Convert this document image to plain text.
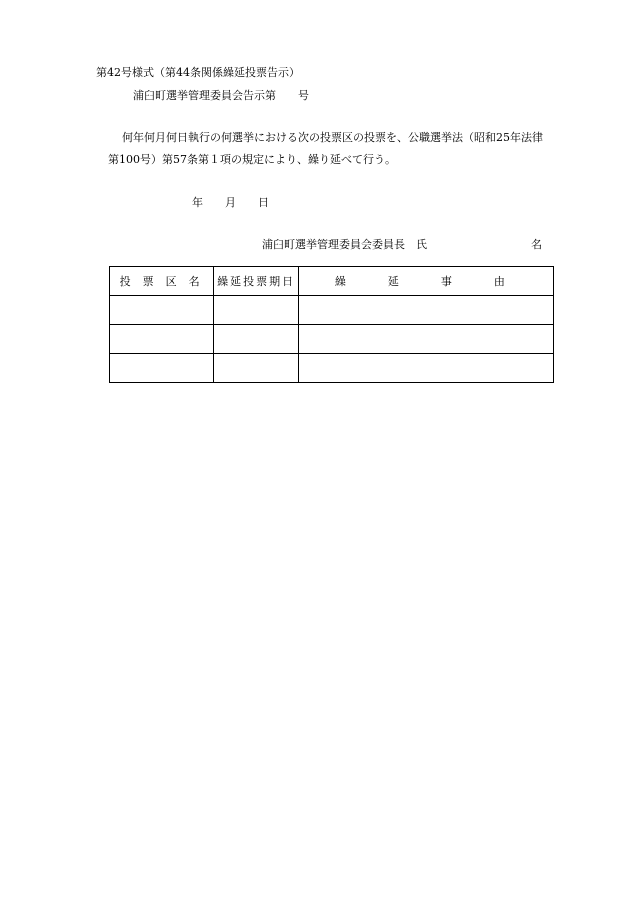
第42号様式（第44条関係繰延投票告示）
浦臼町選挙管理委員会告示第　　号
何年何月何日執行の何選挙における次の投票区の投票を、公職選挙法（昭和25年法律
第100号）第57条第１項の規定により、繰り延べて行う。
年　　月　　日
浦臼町選挙管理委員会委員長　氏	名
投票区名	繰延投票期日	繰延事由
